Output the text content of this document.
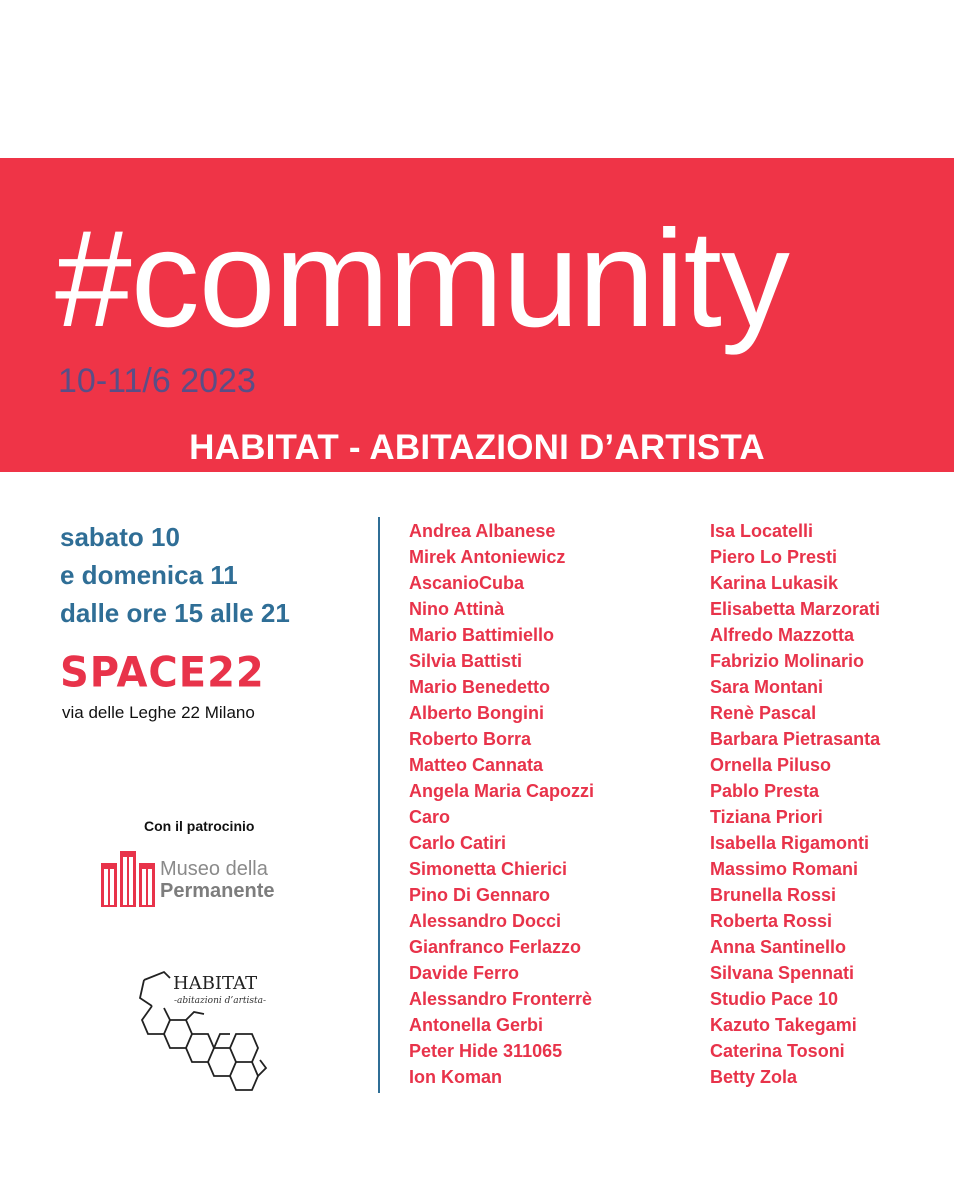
#community
10-11/6 2023
HABITAT - ABITAZIONI D’ARTISTA
sabato 10
e domenica 11
dalle ore 15 alle 21
SPACE22
via delle Leghe 22 Milano
Con il patrocinio
Museo della
Permanente
HABITAT
-abitazioni d’artista-
Andrea Albanese
Mirek Antoniewicz
AscanioCuba
Nino Attinà
Mario Battimiello
Silvia Battisti
Mario Benedetto
Alberto Bongini
Roberto Borra
Matteo Cannata
Angela Maria Capozzi
Caro
Carlo Catiri
Simonetta Chierici
Pino Di Gennaro
Alessandro Docci
Gianfranco Ferlazzo
Davide Ferro
Alessandro Fronterrè
Antonella Gerbi
Peter Hide 311065
Ion Koman
Isa Locatelli
Piero Lo Presti
Karina Lukasik
Elisabetta Marzorati
Alfredo Mazzotta
Fabrizio Molinario
Sara Montani
Renè Pascal
Barbara Pietrasanta
Ornella Piluso
Pablo Presta
Tiziana Priori
Isabella Rigamonti
Massimo Romani
Brunella Rossi
Roberta Rossi
Anna Santinello
Silvana Spennati
Studio Pace 10
Kazuto Takegami
Caterina Tosoni
Betty Zola
